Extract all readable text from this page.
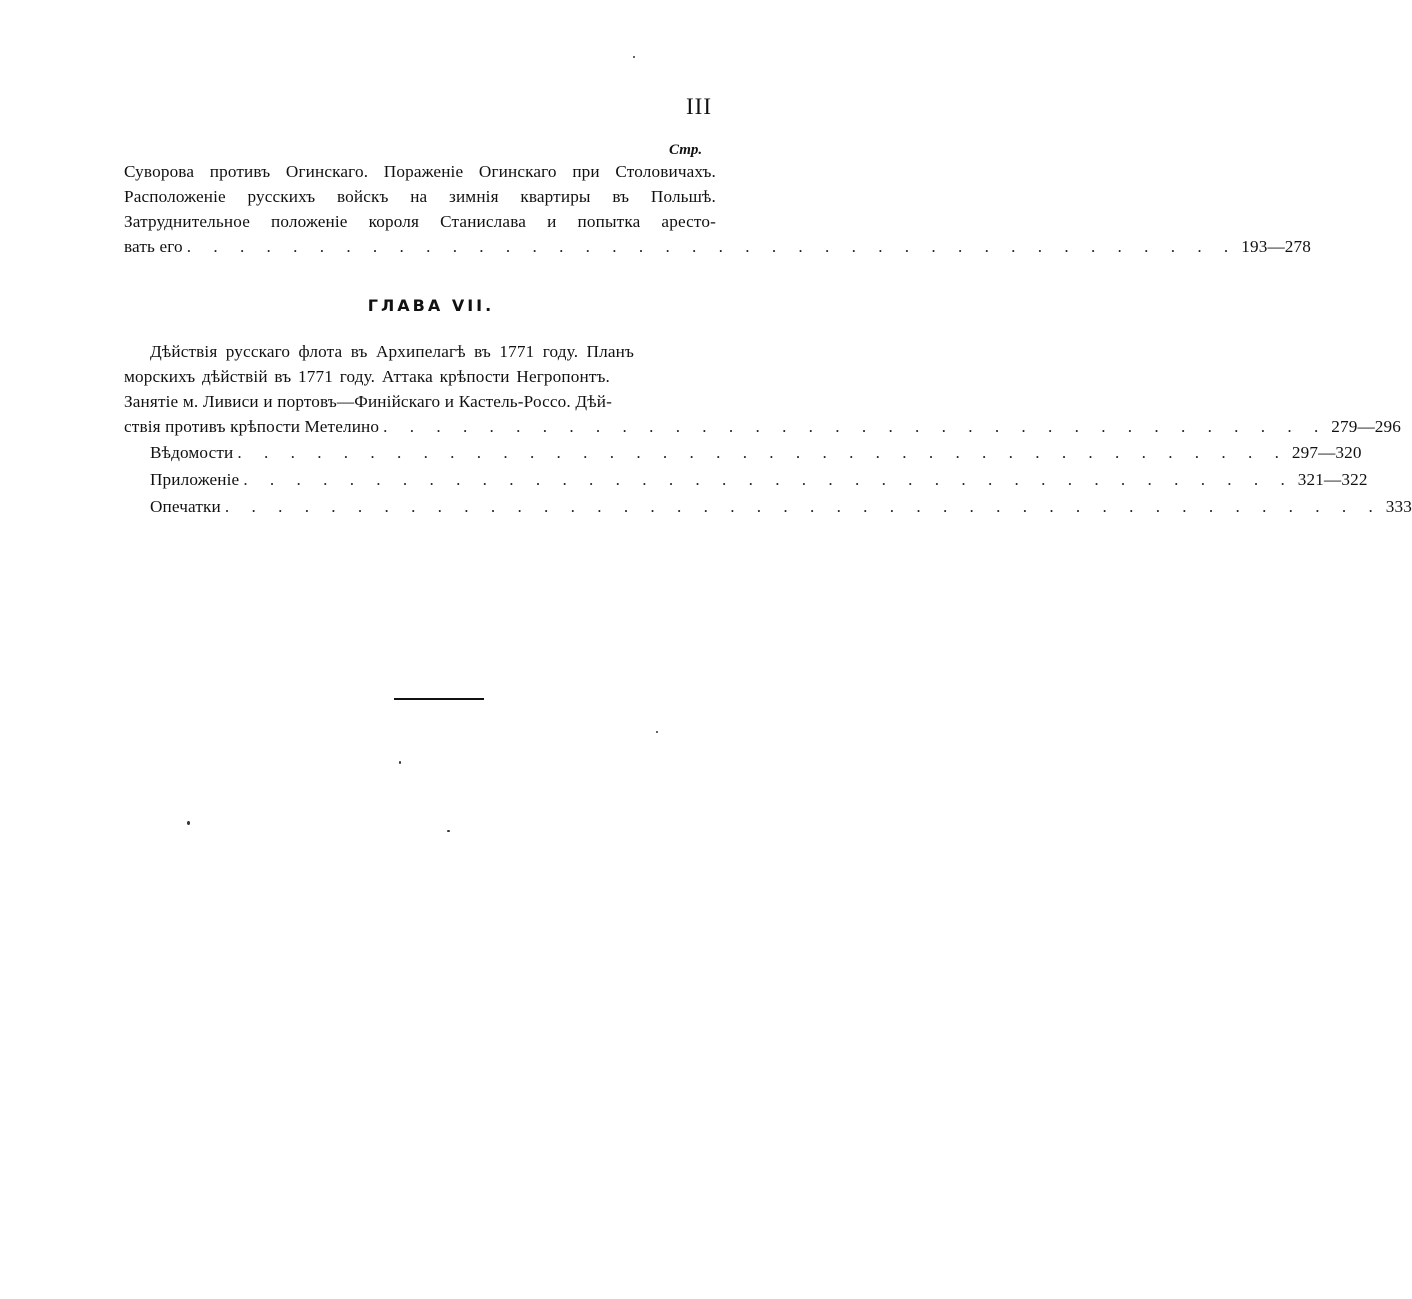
III
Стр.
Суворова противъ Огинскаго. Пораженіе Огинскаго при Столовичахъ.
Расположеніе русскихъ войскъ на зимнія квартиры въ Польшѣ.
Затруднительное положеніе короля Станислава и попытка аресто-
вать его . . . . . . . . . . . . . . . . . . . . . . . . . . . . . . . . . . . . . . . . 193—278
ГЛАВА VII.
Дѣйствія русскаго флота въ Архипелагѣ въ 1771 году. Планъ
морскихъ дѣйствій въ 1771 году. Аттака крѣпости Негропонтъ.
Занятіе м. Ливиси и портовъ—Финійскаго и Кастель-Россо. Дѣй-
ствія противъ крѣпости Метелино . . . . . . . . . . . . . . . . . . . . . . . . . . . . . . . . . . . . 279—296
Вѣдомости . . . . . . . . . . . . . . . . . . . . . . . . . . . . . . . . . . . . . . . . 297—320
Приложеніе . . . . . . . . . . . . . . . . . . . . . . . . . . . . . . . . . . . . . . . . 321—322
Опечатки . . . . . . . . . . . . . . . . . . . . . . . . . . . . . . . . . . . . . . . . . . . . 333
